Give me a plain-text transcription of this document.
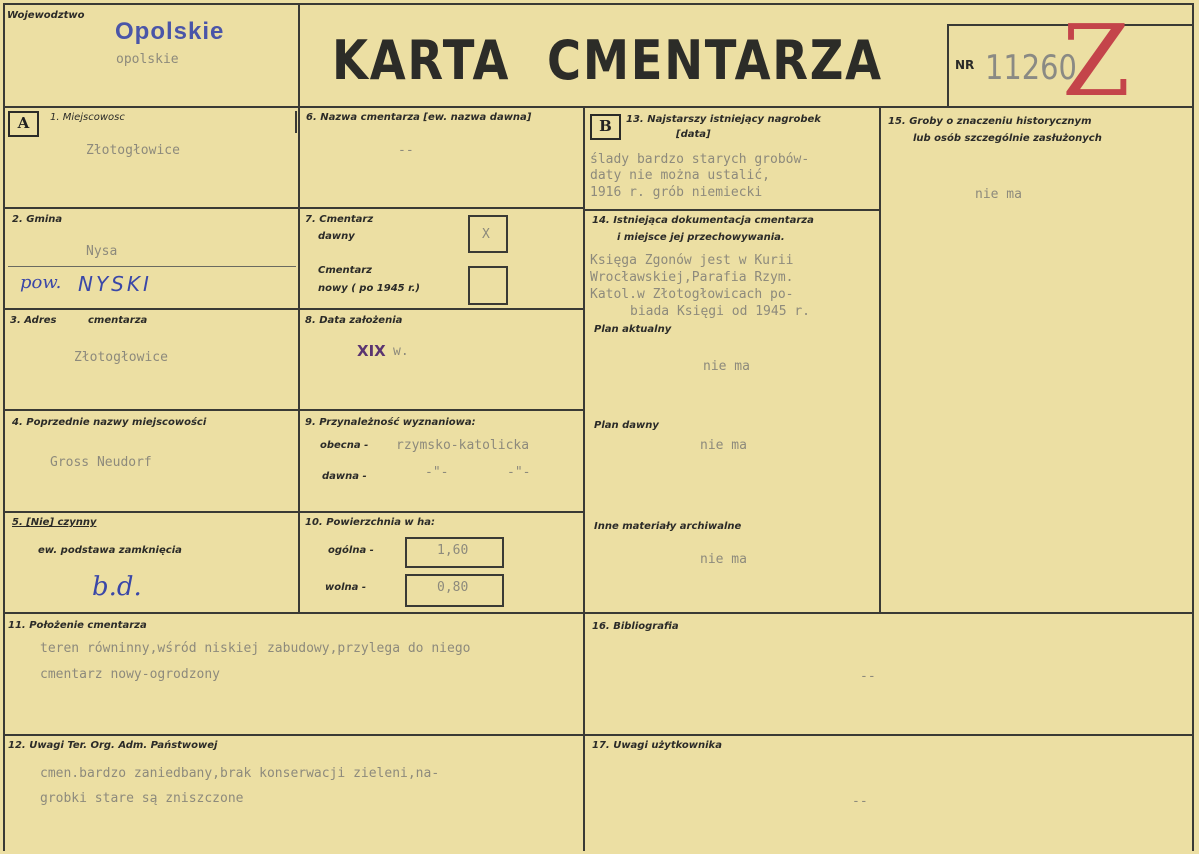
Wojewodztwo
Opolskie
opolskie	KARTA CMENTARZA	NR 11260
Z
A	1. Miejscowosc
Złotogłowice
2. Gmina
Nysa
pow. NYSKI
3. Adres	cmentarza
Złotogłowice
4. Poprzednie nazwy miejscowości
Gross Neudorf
5. [Nie] czynny
ew. podstawa zamknięcia
b.d.
6. Nazwa cmentarza [ew. nazwa dawna]
--
7. Cmentarz
dawny	X
Cmentarz
nowy ( po 1945 r.)
8. Data założenia
XIX w.
9. Przynależność wyznaniowa:
obecna - rzymsko-katolicka
dawna -	-"-	-"-
10. Powierzchnia w ha:
ogólna -	1,60
wolna -	0,80
B	13. Najstarszy istniejący nagrobek
[data]
ślady bardzo starych grobów-
daty nie można ustalić,
1916 r. grób niemiecki
14. Istniejąca dokumentacja cmentarza
i miejsce jej przechowywania.
Księga Zgonów jest w Kurii
Wrocławskiej,Parafia Rzym.
Katol.w Złotogłowicach po-
biada Księgi od 1945 r.
Plan aktualny
nie ma
Plan dawny
nie ma
Inne materiały archiwalne
nie ma
15. Groby o znaczeniu historycznym
lub osób szczególnie zasłużonych
nie ma
11. Położenie cmentarza
teren równinny,wśród niskiej zabudowy,przylega do niego
cmentarz nowy-ogrodzony
16. Bibliografia
--
12. Uwagi Ter. Org. Adm. Państwowej
cmen.bardzo zaniedbany,brak konserwacji zieleni,na-
grobki stare są zniszczone
17. Uwagi użytkownika
--
